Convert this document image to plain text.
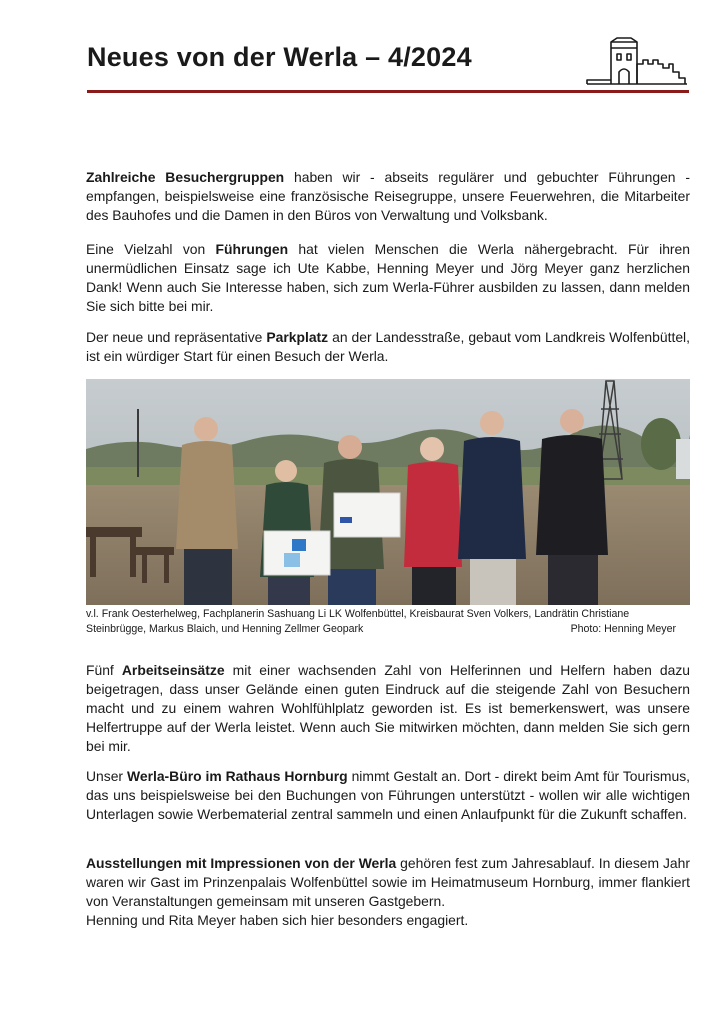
Neues von der Werla – 4/2024

Zahlreiche Besuchergruppen haben wir - abseits regulärer und gebuchter Führungen - empfangen, beispielsweise eine französische Reisegruppe, unsere Feuerwehren, die Mitarbeiter des Bauhofes und die Damen in den Büros von Verwaltung und Volksbank.

Eine Vielzahl von Führungen hat vielen Menschen die Werla nähergebracht. Für ihren unermüdlichen Einsatz sage ich Ute Kabbe, Henning Meyer und Jörg Meyer ganz herzlichen Dank! Wenn auch Sie Interesse haben, sich zum Werla-Führer ausbilden zu lassen, dann melden Sie sich bitte bei mir.

Der neue und repräsentative Parkplatz an der Landesstraße, gebaut vom Landkreis Wolfenbüttel, ist ein würdiger Start für einen Besuch der Werla.

v.l. Frank Oesterhelweg, Fachplanerin Sashuang Li LK Wolfenbüttel, Kreisbaurat Sven Volkers, Landrätin Christiane Steinbrügge, Markus Blaich, und Henning Zellmer Geopark	Photo: Henning Meyer

Fünf Arbeitseinsätze mit einer wachsenden Zahl von Helferinnen und Helfern haben dazu beigetragen, dass unser Gelände einen guten Eindruck auf die steigende Zahl von Besuchern macht und zu einem wahren Wohlfühlplatz geworden ist. Es ist bemerkenswert, was unsere Helfertruppe auf der Werla leistet. Wenn auch Sie mitwirken möchten, dann melden Sie sich gern bei mir.

Unser Werla-Büro im Rathaus Hornburg nimmt Gestalt an. Dort - direkt beim Amt für Tourismus, das uns beispielsweise bei den Buchungen von Führungen unterstützt - wollen wir alle wichtigen Unterlagen sowie Werbematerial zentral sammeln und einen Anlaufpunkt für die Zukunft schaffen.

Ausstellungen mit Impressionen von der Werla gehören fest zum Jahresablauf. In diesem Jahr waren wir Gast im Prinzenpalais Wolfenbüttel sowie im Heimatmuseum Hornburg, immer flankiert von Veranstaltungen gemeinsam mit unseren Gastgebern.
Henning und Rita Meyer haben sich hier besonders engagiert.
